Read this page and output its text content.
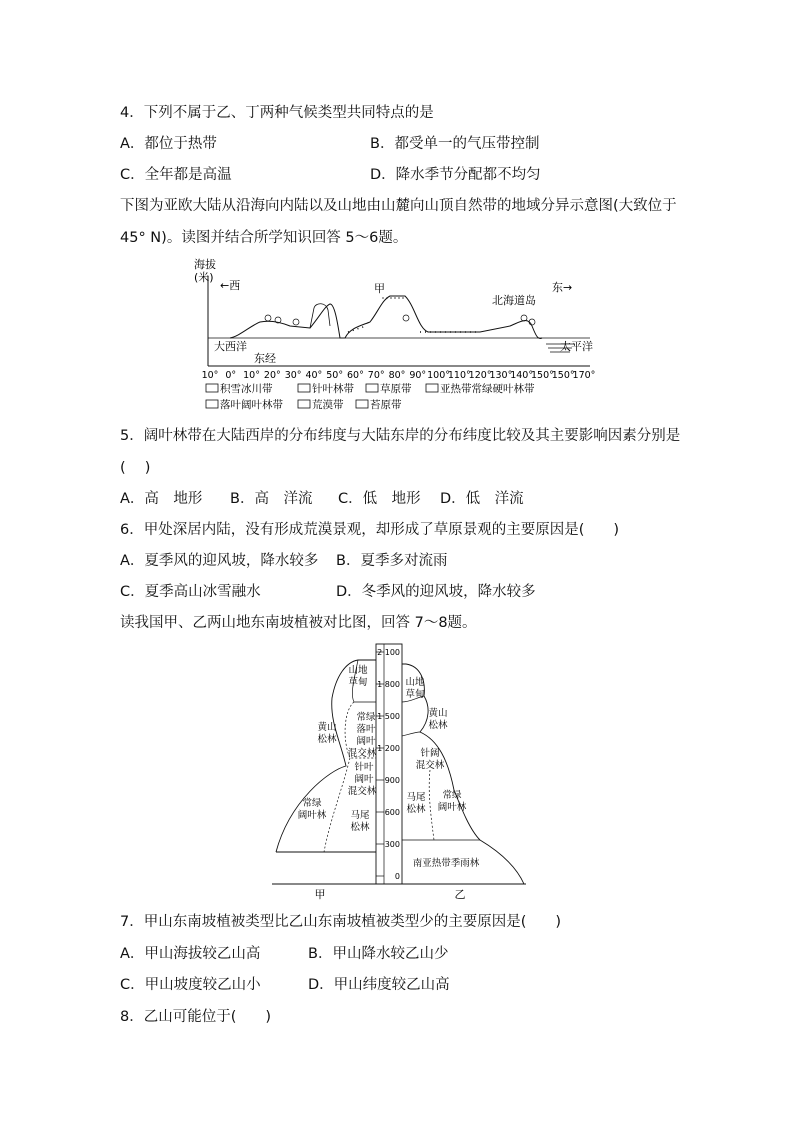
4．下列不属于乙、丁两种气候类型共同特点的是
A．都位于热带	B．都受单一的气压带控制
C．全年都是高温	D．降水季节分配都不均匀
下图为亚欧大陆从沿海向内陆以及山地由山麓向山顶自然带的地域分异示意图(大致位于
45° N)。读图并结合所学知识回答 5～6题。
海拔
(米)
←西	东→
甲
北海道岛
大西洋	太平洋
东经
10° 0° 10° 20° 30° 40° 50° 60° 70° 80° 90° 100°
110°
120°
130°
140°
150°
150°
170°
积雪冰川带	针叶林带 草原带	亚热带常绿硬叶林带
落叶阔叶林带	荒漠带	苔原带
5．阔叶林带在大陆西岸的分布纬度与大陆东岸的分布纬度比较及其主要影响因素分别是
(　 )
A．高　地形 B．高　洋流 C．低　地形 D．低　洋流
6．甲处深居内陆，没有形成荒漠景观，却形成了草原景观的主要原因是(　　)
A．夏季风的迎风坡，降水较多 B．夏季多对流雨
C．夏季高山冰雪融水	D．冬季风的迎风坡，降水较多
读我国甲、乙两山地东南坡植被对比图，回答 7～8题。
2 100
1 800
1 500
1 200
900
600
300
0
山地
草甸
黄山
松林
常绿
落叶
阔叶
混交林
针叶
阔叶
混交林
常绿
阔叶林	马尾
松林
山地
草甸
黄山
松林
针阔
混交林
马尾
松林
常绿
阔叶林
南亚热带季雨林
甲	乙
7．甲山东南坡植被类型比乙山东南坡植被类型少的主要原因是(　　)
A．甲山海拔较乙山高	B．甲山降水较乙山少
C．甲山坡度较乙山小	D．甲山纬度较乙山高
8．乙山可能位于(　　)
